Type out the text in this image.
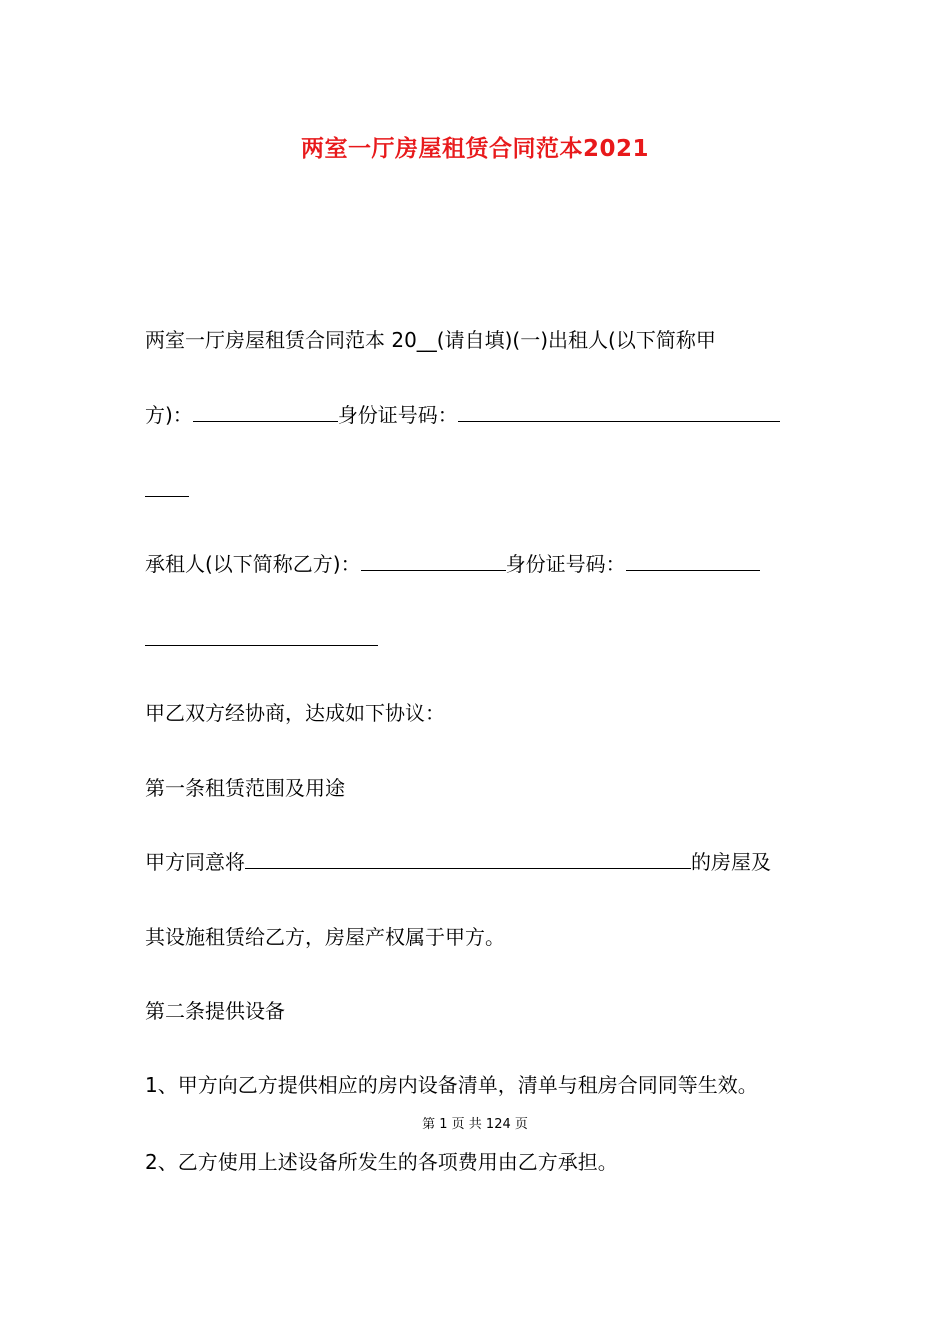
两室一厅房屋租赁合同范本2021
两室一厅房屋租赁合同范本 20__(请自填)(一)出租人(以下简称甲
方)：	身份证号码：
承租人(以下简称乙方)：	身份证号码：
甲乙双方经协商，达成如下协议：
第一条租赁范围及用途
甲方同意将	的房屋及
其设施租赁给乙方，房屋产权属于甲方。
第二条提供设备
1、甲方向乙方提供相应的房内设备清单，清单与租房合同同等生效。
第 1 页 共 124 页
2、乙方使用上述设备所发生的各项费用由乙方承担。
